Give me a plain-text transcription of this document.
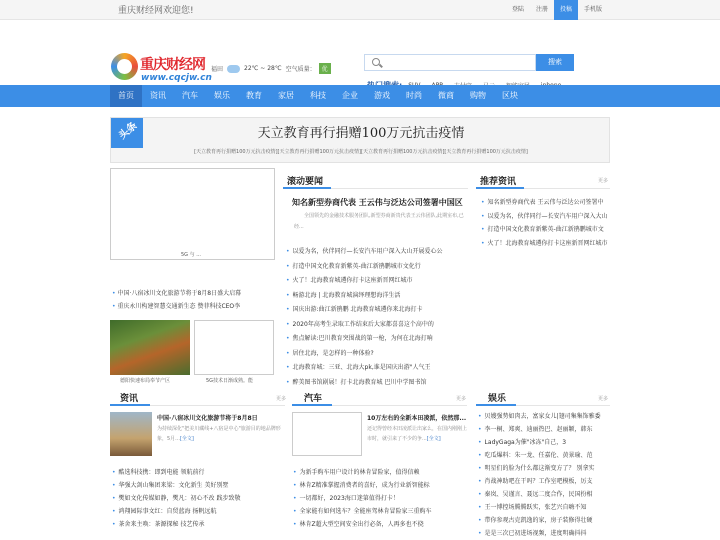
重庆财经网欢迎您!	登陆	注册	投稿	手机版
重庆财经网
www.cqcjw.cn
福田	22℃ ~ 28℃ 空气质量：	优
搜索
首页	资讯	汽车	娱乐	教育	家居	科技	企业	游戏	时尚	微商	购物	区块
头条	天立教育再行捐赠100万元抗击疫情
[天立教育再行捐赠100万元抗击疫情][天立教育再行捐赠100万元抗击疫情][天立教育再行捐赠100万元抗击疫情][天立教育再行捐赠100万元抗击疫情]
5G 与 ...
• 中国·八宿冰川文化旅游节将于8月8日盛大启幕
• 重庆永川构建智慧交通新生态 赞菲科技CEO李
德阳快速布局奉节产区	5G技术日渐成熟。能
滚动要闻
知名新型券商代表 王云伟与泛达公司签署中国区
全国领先的金融技术服务团队,新型券商新贵代表王云伟团队,此期室布,已经...
• 以爱为名，伙伴同行—长安汽车用户深入大山开展爱心公
• 打造中国文化教育新紫英-曲江新鹃鹏城市文化行
• 火了！北海教育城遴你打卡这座新晋网红城市
• 畅游北海 | 北海教育城演绎理想海洋生活
• 国庆出游:曲江新鹃鹏 北海教育城遴你来北海打卡
• 2020年高考生录取工作结束后大家都喜喜这个高中的
• 焦点解读:巴川教育突围战的第一枪，为何在北海打响
• 居住北海，是怎样的一种体验?
• 北海教育城：三亚、北海大pk,谁是国庆出游"人气王
• 醉美图书馆剧展！打卡北海教育城 巴川中学图书馆
推荐资讯	更多
• 知名新型券商代表 王云伟与泛达公司签署中
• 以爱为名，伙伴同行—长安汽车用户深入大山
• 打造中国文化教育新紫英-曲江新鹃鹏城市文
• 火了！北海教育城遴你打卡这座新晋网红城市
资讯	更多
中国·八宿冰川文化旅游节将于8月8日
为持续深化"把美川藏线+八宿是中心"旅游目的地品牌形象，5月...[全文]
• 酷选科技携：即到电能 领航前行
• 华强大剑山集团来梁：文化新生 美好别墅
• 樊如文化传媒如静，樊凡：初心不改 践步致敬
• 鸿翔园际事文红：自贸蓝海 扬帆远航
• 茶舍来主唤：茶源探秘 技艺传承
汽车	更多
10万左右的全新本田凌派，依然那...
还记得曾经本田凌派让出家么，在国内刚刚上市时，就引来了不少的争...[全文]
• 为新手购车用户设计的林肯冒险家，值得信赖
• 林肯Z精准掌握消费者的喜好，成为行业新智能标
• 一切都好，2023海口迷第值得打卡！
• 全家能有如何选车？全能座驾林肯冒险家三重购车
• 林肯Z超大型空间安全出行必备，人再多也不挠
娱乐	更多
• 贝嫂强势如肉去，富家女儿|翅司集集饰雅委
• 李一桐、郑爽、迪丽热巴、赵丽颖，韩东
• LadyGaga为催"冰冻"自己，3
• 吃瓜爆料：朱一龙、任嘉伦、黄景瑜、范
• 明星们的脸为什么都这渐变方了？ 别拿实
• 肖战神助吧在干吗？工作室吧模板，厉支
• 秦岚、吴谨言、聂远二度合作，民国扮相
• 王一博控场腾腾跃实，张艺兴自嗨不知
• 带你参观古克凯逸的家，房子装修得壮硬
• 是是三次已初进场视频，进度明确抖抖
